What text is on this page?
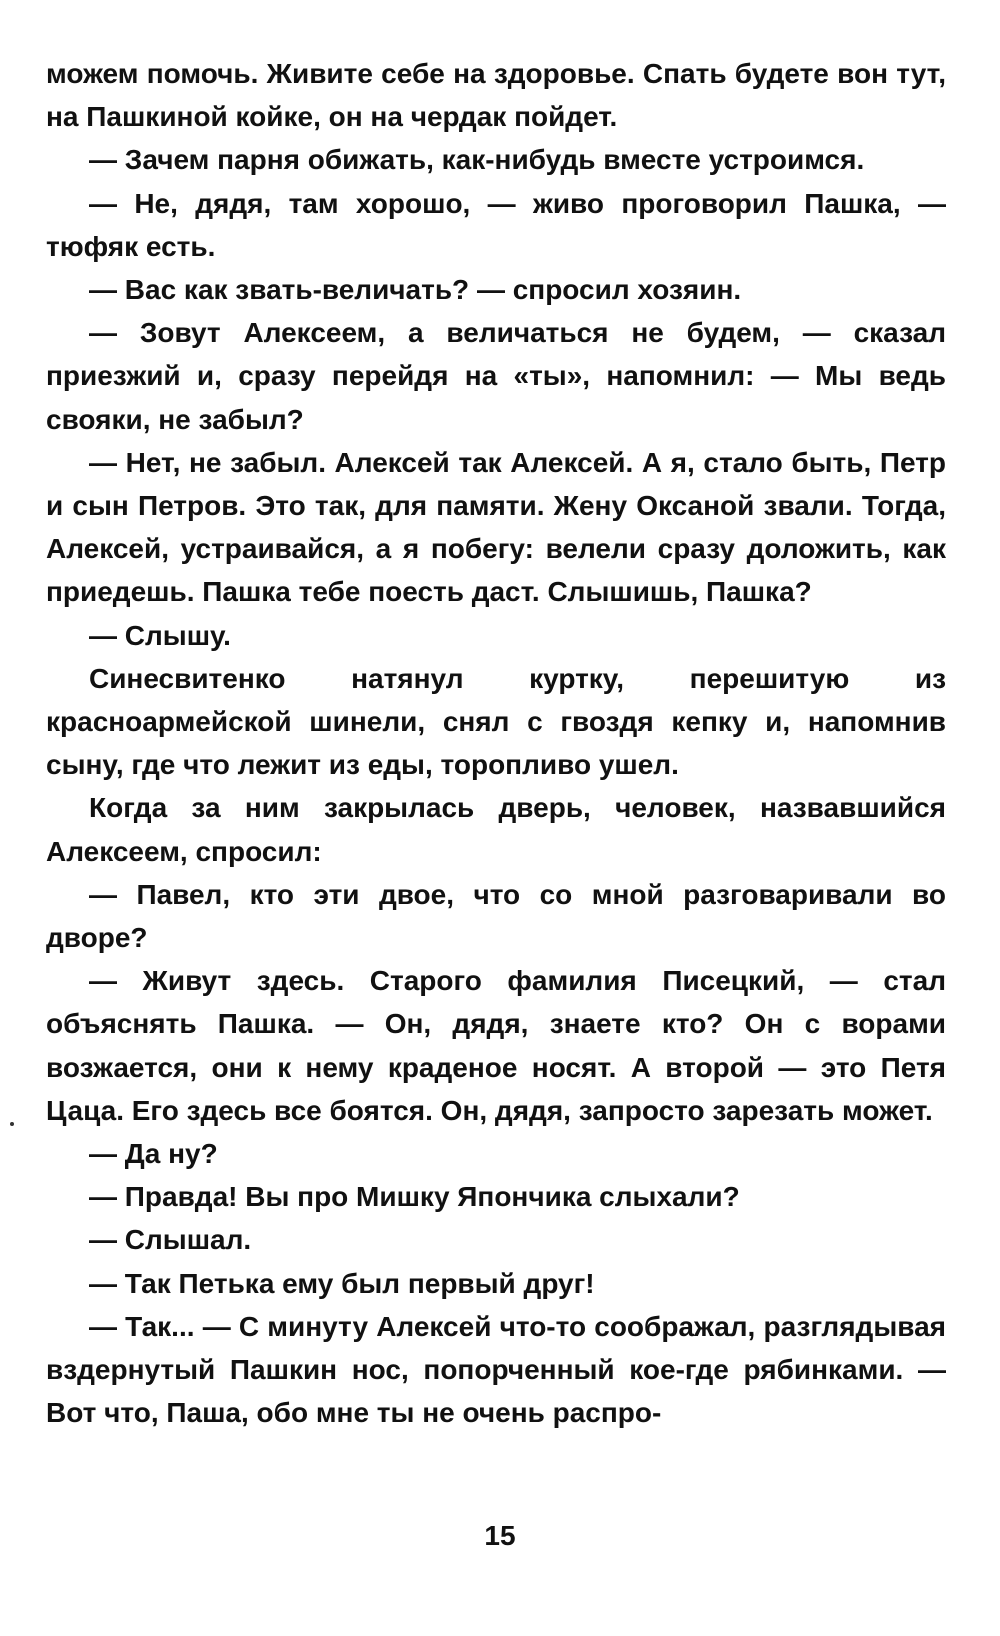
можем помочь. Живите себе на здоровье. Спать будете вон тут, на Пашкиной койке, он на чердак пойдет.

— Зачем парня обижать, как-нибудь вместе устроимся.

— Не, дядя, там хорошо, — живо проговорил Пашка, — тюфяк есть.

— Вас как звать-величать? — спросил хозяин.

— Зовут Алексеем, а величаться не будем, — сказал приезжий и, сразу перейдя на «ты», напомнил: — Мы ведь свояки, не забыл?

— Нет, не забыл. Алексей так Алексей. А я, стало быть, Петр и сын Петров. Это так, для памяти. Жену Оксаной звали. Тогда, Алексей, устраивайся, а я побегу: велели сразу доложить, как приедешь. Пашка тебе поесть даст. Слышишь, Пашка?

— Слышу.

Синесвитенко натянул куртку, перешитую из красноармейской шинели, снял с гвоздя кепку и, напомнив сыну, где что лежит из еды, торопливо ушел.

Когда за ним закрылась дверь, человек, назвавшийся Алексеем, спросил:

— Павел, кто эти двое, что со мной разговаривали во дворе?

— Живут здесь. Старого фамилия Писецкий, — стал объяснять Пашка. — Он, дядя, знаете кто? Он с ворами возжается, они к нему краденое носят. А второй — это Петя Цаца. Его здесь все боятся. Он, дядя, запросто зарезать может.

— Да ну?

— Правда! Вы про Мишку Япончика слыхали?

— Слышал.

— Так Петька ему был первый друг!

— Так... — С минуту Алексей что-то соображал, разглядывая вздернутый Пашкин нос, попорченный кое-где рябинками. — Вот что, Паша, обо мне ты не очень распро-

15
